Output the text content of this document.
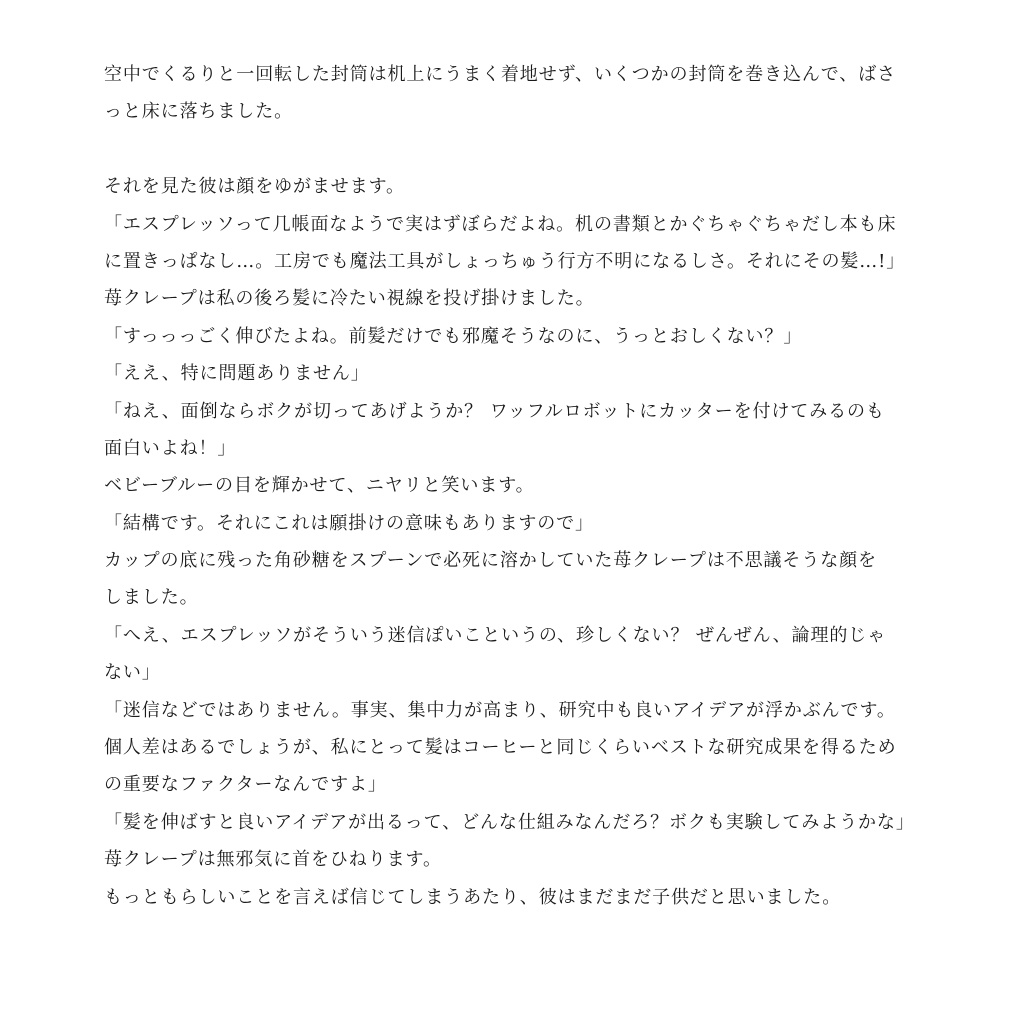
空中でくるりと一回転した封筒は机上にうまく着地せず、いくつかの封筒を巻き込んで、ばさ
っと床に落ちました。
それを見た彼は顔をゆがませます。
「エスプレッソって几帳面なようで実はずぼらだよね。机の書類とかぐちゃぐちゃだし本も床
に置きっぱなし…。工房でも魔法工具がしょっちゅう行方不明になるしさ。それにその髪…!」
苺クレープは私の後ろ髪に冷たい視線を投げ掛けました。
「すっっっごく伸びたよね。前髪だけでも邪魔そうなのに、うっとおしくない？」
「ええ、特に問題ありません」
「ねえ、面倒ならボクが切ってあげようか？ ワッフルロボットにカッターを付けてみるのも
面白いよね！」
ベビーブルーの目を輝かせて、ニヤリと笑います。
「結構です。それにこれは願掛けの意味もありますので」
カップの底に残った角砂糖をスプーンで必死に溶かしていた苺クレープは不思議そうな顔を
しました。
「へえ、エスプレッソがそういう迷信ぽいこというの、珍しくない？ ぜんぜん、論理的じゃ
ない」
「迷信などではありません。事実、集中力が高まり、研究中も良いアイデアが浮かぶんです。
個人差はあるでしょうが、私にとって髪はコーヒーと同じくらいベストな研究成果を得るため
の重要なファクターなんですよ」
「髪を伸ばすと良いアイデアが出るって、どんな仕組みなんだろ？ボクも実験してみようかな」
苺クレープは無邪気に首をひねります。
もっともらしいことを言えば信じてしまうあたり、彼はまだまだ子供だと思いました。
